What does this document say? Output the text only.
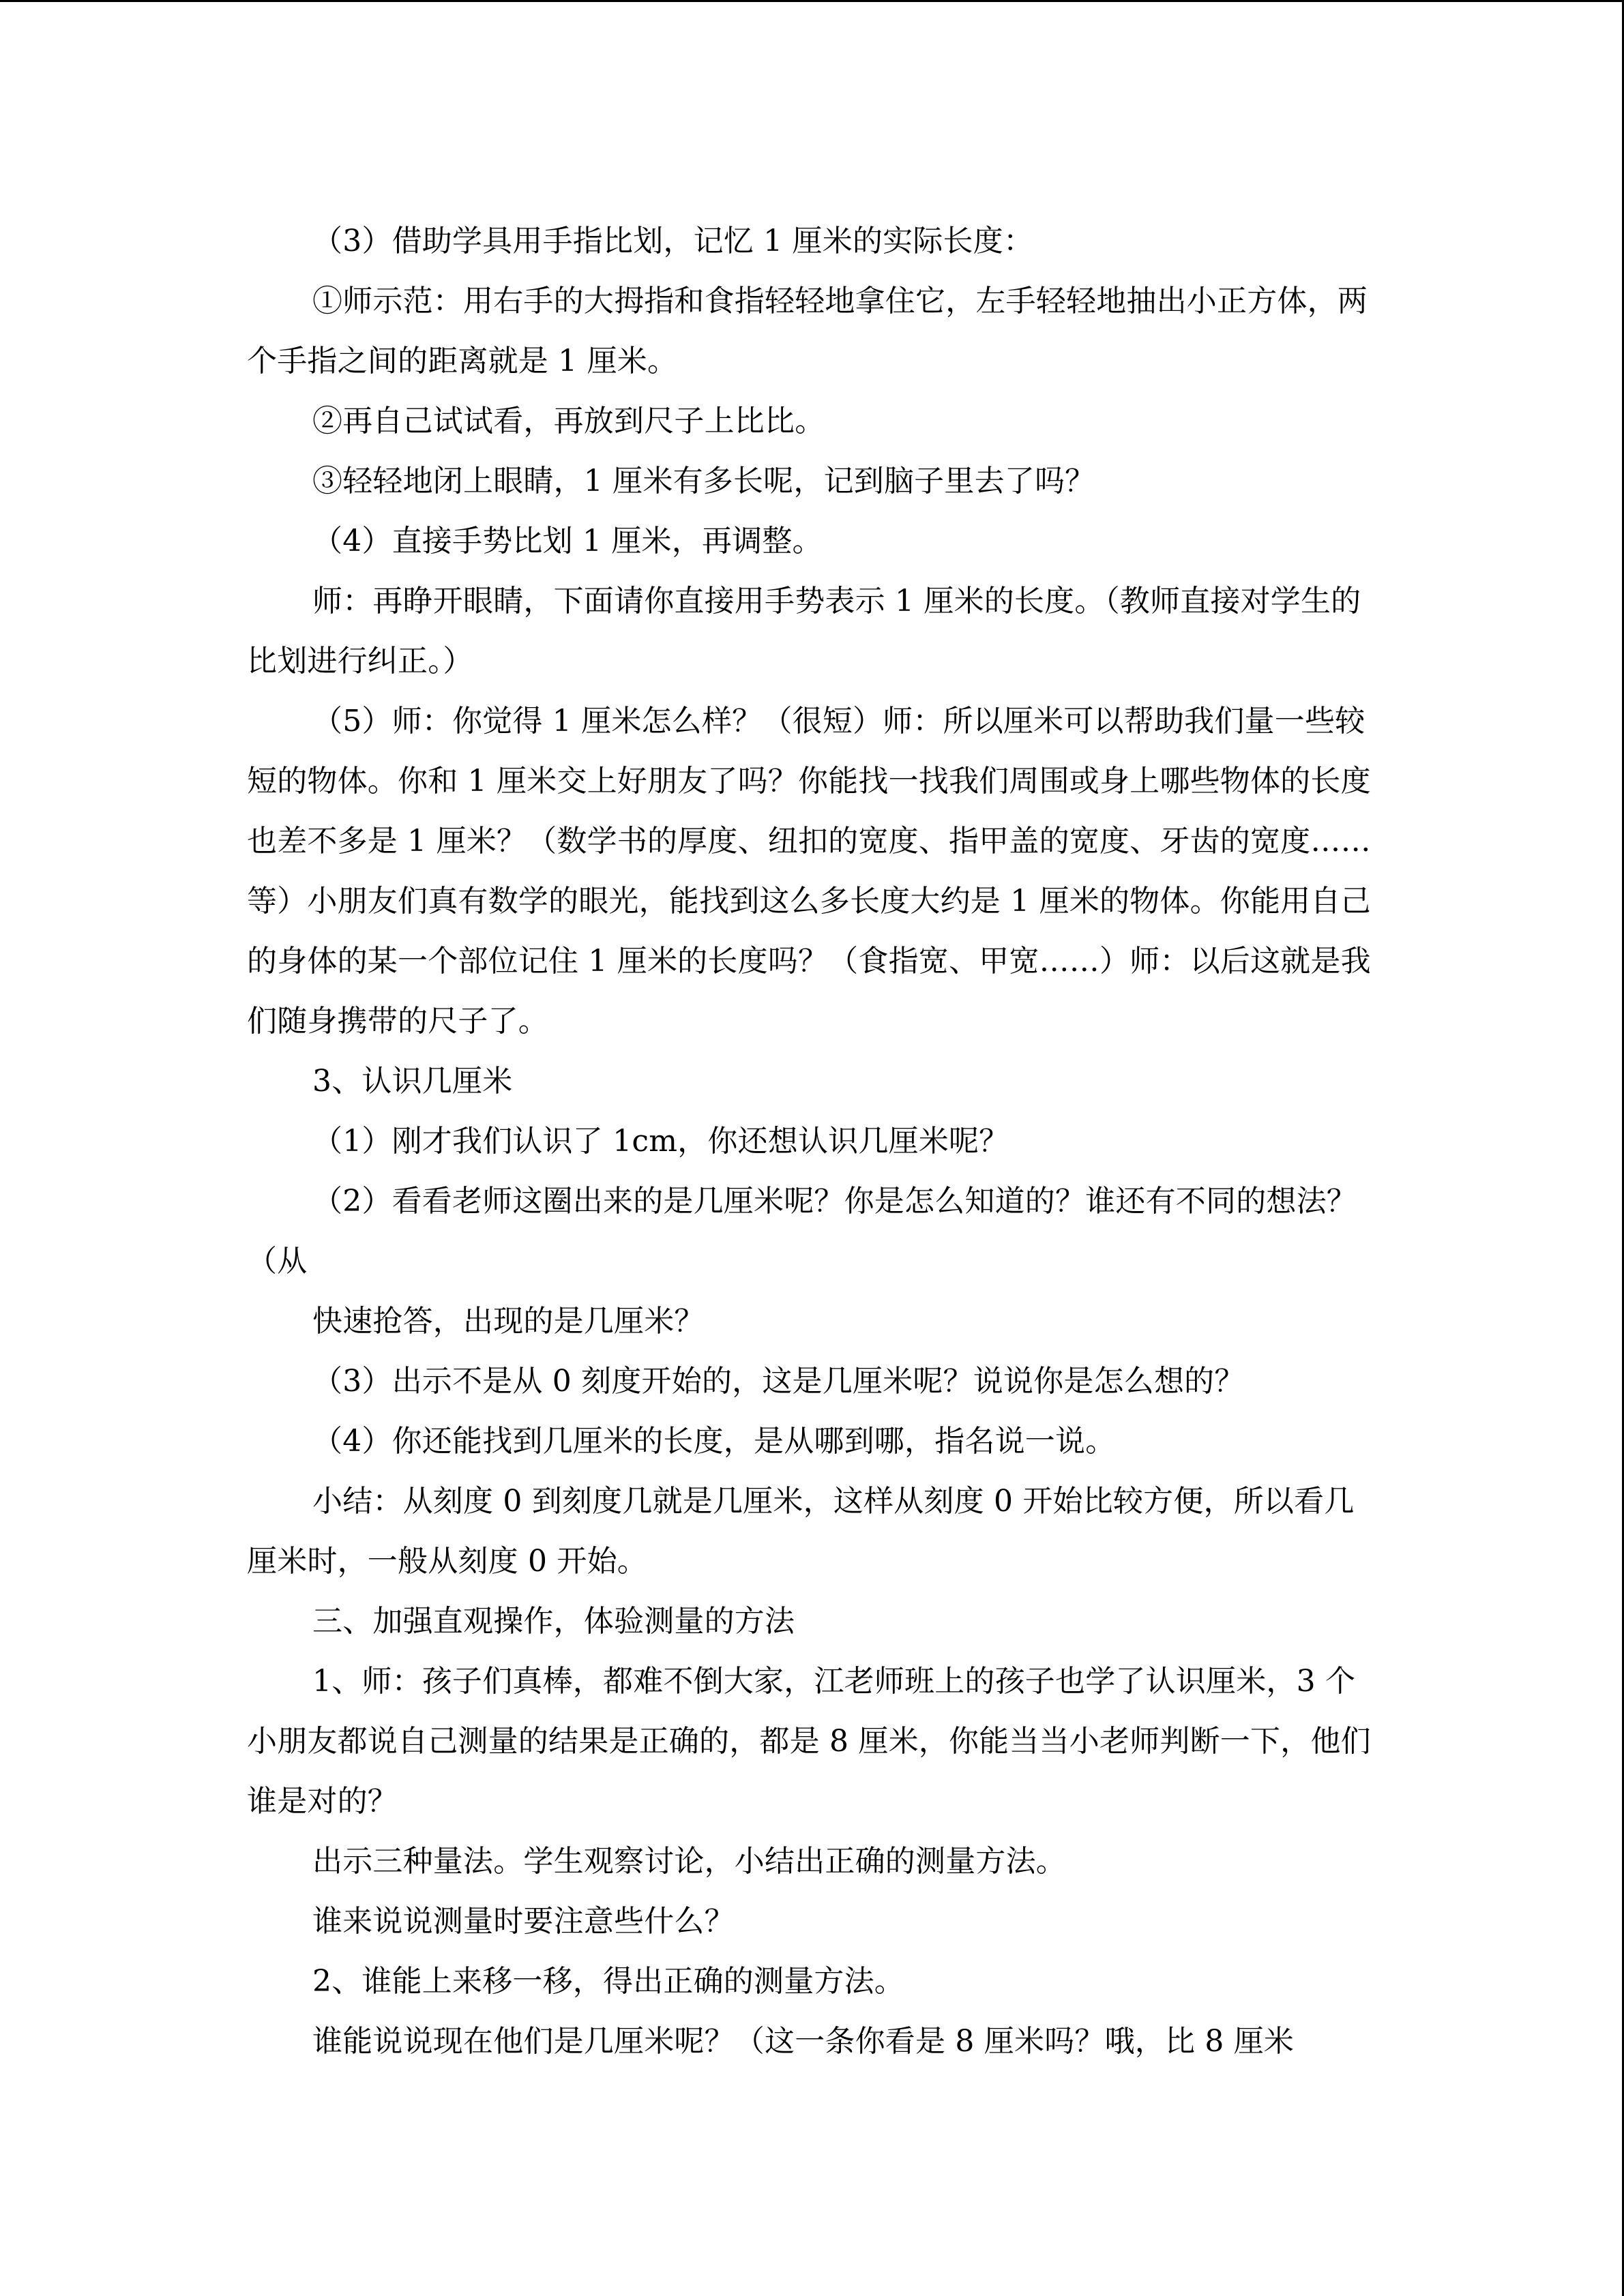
（3）借助学具用手指比划，记忆 1 厘米的实际长度：

①师示范：用右手的大拇指和食指轻轻地拿住它，左手轻轻地抽出小正方体，两个手指之间的距离就是 1 厘米。

②再自己试试看，再放到尺子上比比。

③轻轻地闭上眼睛，1 厘米有多长呢，记到脑子里去了吗？

（4）直接手势比划 1 厘米，再调整。

师：再睁开眼睛，下面请你直接用手势表示 1 厘米的长度。（教师直接对学生的比划进行纠正。）

（5）师：你觉得 1 厘米怎么样？（很短）师：所以厘米可以帮助我们量一些较短的物体。你和 1 厘米交上好朋友了吗？你能找一找我们周围或身上哪些物体的长度也差不多是 1 厘米？（数学书的厚度、纽扣的宽度、指甲盖的宽度、牙齿的宽度……等）小朋友们真有数学的眼光，能找到这么多长度大约是 1 厘米的物体。你能用自己的身体的某一个部位记住 1 厘米的长度吗？（食指宽、甲宽……）师：以后这就是我们随身携带的尺子了。

3、认识几厘米

（1）刚才我们认识了 1cm，你还想认识几厘米呢？

（2）看看老师这圈出来的是几厘米呢？你是怎么知道的？谁还有不同的想法？（从

快速抢答，出现的是几厘米？

（3）出示不是从 0 刻度开始的，这是几厘米呢？说说你是怎么想的？

（4）你还能找到几厘米的长度，是从哪到哪，指名说一说。

小结：从刻度 0 到刻度几就是几厘米，这样从刻度 0 开始比较方便，所以看几厘米时，一般从刻度 0 开始。

三、加强直观操作，体验测量的方法

1、师：孩子们真棒，都难不倒大家，江老师班上的孩子也学了认识厘米，3 个小朋友都说自己测量的结果是正确的，都是 8 厘米，你能当当小老师判断一下，他们谁是对的？

出示三种量法。学生观察讨论，小结出正确的测量方法。

谁来说说测量时要注意些什么？

2、谁能上来移一移，得出正确的测量方法。

谁能说说现在他们是几厘米呢？（这一条你看是 8 厘米吗？哦，比 8 厘米
